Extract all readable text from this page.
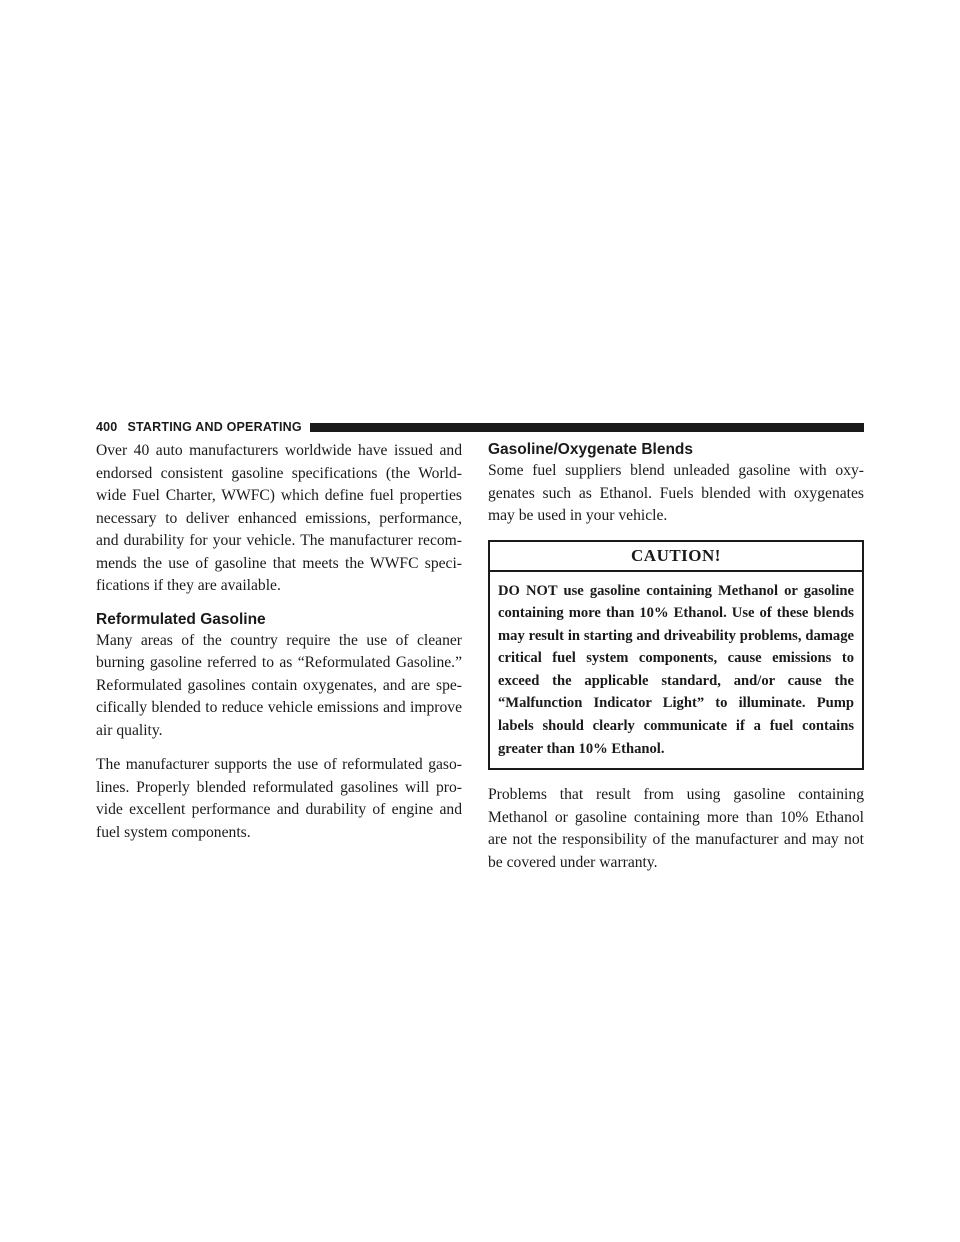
400 STARTING AND OPERATING

Over 40 auto manufacturers worldwide have issued and endorsed consistent gasoline specifications (the Worldwide Fuel Charter, WWFC) which define fuel properties necessary to deliver enhanced emissions, performance, and durability for your vehicle. The manufacturer recommends the use of gasoline that meets the WWFC specifications if they are available.

Reformulated Gasoline

Many areas of the country require the use of cleaner burning gasoline referred to as “Reformulated Gasoline.” Reformulated gasolines contain oxygenates, and are specifically blended to reduce vehicle emissions and improve air quality.

The manufacturer supports the use of reformulated gasolines. Properly blended reformulated gasolines will provide excellent performance and durability of engine and fuel system components.

Gasoline/Oxygenate Blends

Some fuel suppliers blend unleaded gasoline with oxygenates such as Ethanol. Fuels blended with oxygenates may be used in your vehicle.

CAUTION!
DO NOT use gasoline containing Methanol or gasoline containing more than 10% Ethanol. Use of these blends may result in starting and driveability problems, damage critical fuel system components, cause emissions to exceed the applicable standard, and/or cause the “Malfunction Indicator Light” to illuminate. Pump labels should clearly communicate if a fuel contains greater than 10% Ethanol.

Problems that result from using gasoline containing Methanol or gasoline containing more than 10% Ethanol are not the responsibility of the manufacturer and may not be covered under warranty.
